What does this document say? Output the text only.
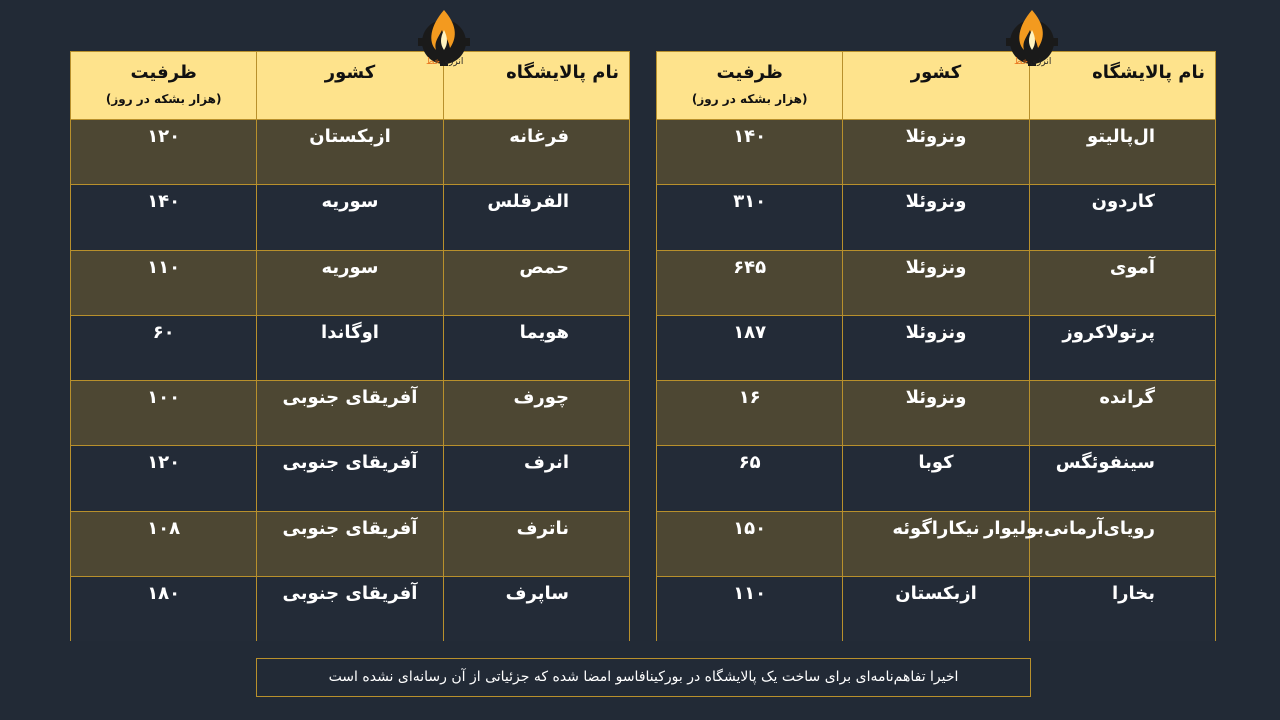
نام پالایشگاه
کشور
ظرفیت
(هزار بشکه در روز)
ال‌پالیتو
ونزوئلا
۱۴۰
کاردون
ونزوئلا
۳۱۰
آموی
ونزوئلا
۶۴۵
پرتولاکروز
ونزوئلا
۱۸۷
گرانده
ونزوئلا
۱۶
سینفوئگس
کوبا
۶۵
رویای‌آرمانی‌بولیوار
نیکاراگوئه
۱۵۰
بخارا
ازبکستان
۱۱۰
نام پالایشگاه
کشور
ظرفیت
(هزار بشکه در روز)
فرغانه
ازبکستان
۱۲۰
الفرقلس
سوریه
۱۴۰
حمص
سوریه
۱۱۰
هویما
اوگاندا
۶۰
چورف
آفریقای جنوبی
۱۰۰
انرف
آفریقای جنوبی
۱۲۰
ناترف
آفریقای جنوبی
۱۰۸
ساپرف
آفریقای جنوبی
۱۸۰
خط انرژی	خط انرژی
اخیرا تفاهم‌نامه‌ای برای ساخت یک پالایشگاه در بورکینافاسو امضا شده که جزئیاتی از آن رسانه‌ای نشده است
